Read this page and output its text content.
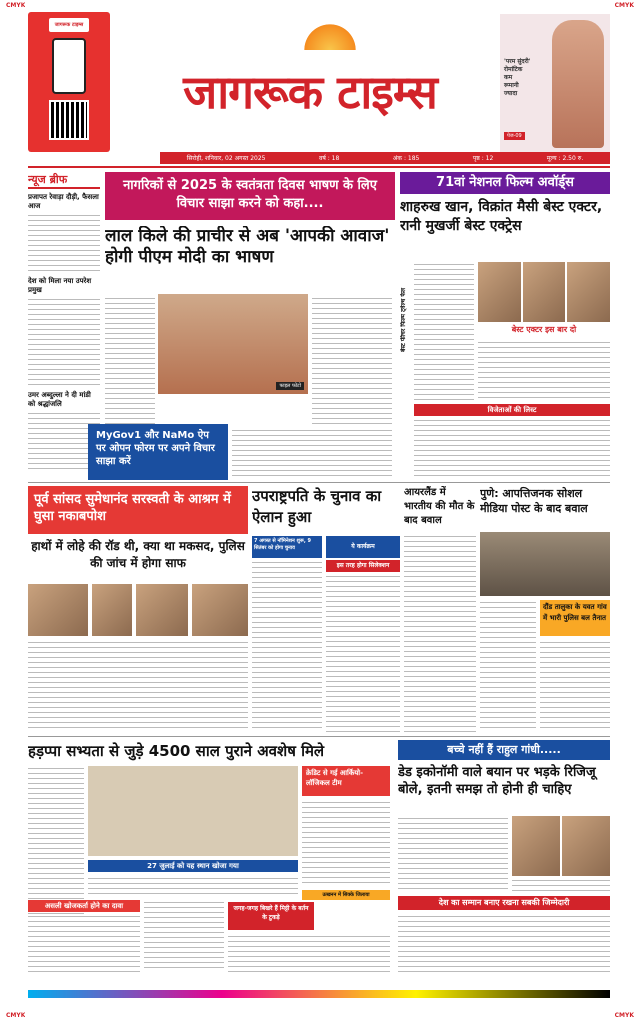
CMYK	CMYK
जागरूक टाइम्स
जागरूक टाइम्स
'परम सुंदरी'
रोमांटिक
कम
रूमानी
ज्यादा
पेज-09
सिरोही, शनिवार, 02 अगस्त 2025	वर्ष : 18	अंक : 185	पृष्ठ : 12	मूल्य : 2.50 रु.
न्यूज ब्रीफ
प्रजापत रेवाड़ा दौड़ी, फैसला आज
देश को मिला नया उपरेश प्रमुख
उमर अब्दुल्ला ने दी मांडी को श्रद्धांजलि
नागरिकों से 2025 के स्वतंत्रता दिवस भाषण के लिए विचार साझा करने को कहा....
लाल किले की प्राचीर से अब 'आपकी आवाज' होगी पीएम मोदी का भाषण
फाइल फोटो
MyGov1 और NaMo ऐप पर ओपन फोरम पर अपने विचार साझा करें
71वां नेशनल फिल्म अवॉर्ड्स
शाहरुख खान, विक्रांत मैसी बेस्ट एक्टर, रानी मुखर्जी बेस्ट एक्ट्रेस
बेस्ट फीचर फिल्म ट्वेल्थ फेल	बेस्ट एक्टर इस बार दो
विजेताओं की लिस्ट
पूर्व सांसद सुमेधानंद सरस्वती के आश्रम में घुसा नकाबपोश
हाथों में लोहे की रॉड थी, क्या था मकसद, पुलिस की जांच में होगा साफ
उपराष्ट्रपति के चुनाव का ऐलान हुआ
7 अगस्त से नॉमिनेशन शुरू, 9 सितंबर को होगा चुनाव	ये कार्यक्रम
इस तरह होगा सिलेक्शन
आयरलैंड में भारतीय की मौत के बाद बवाल
पुणे: आपत्तिजनक सोशल मीडिया पोस्ट के बाद बवाल
दौंड तालुका के यवत गांव में भारी पुलिस बल तैनात
हड़प्पा सभ्यता से जुड़े 4500 साल पुराने अवशेष मिले
क्रेडिट से गई आर्कियो-लॉजिकल टीम
27 जुलाई को यह स्थान खोजा गया
उत्खनन में सिक्के जिलाया
असली खोजकर्ता होने का दावा	जगह-जगह बिखरे हैं मिट्टी के बर्तन के टुकड़े
बच्चे नहीं हैं राहुल गांधी.....
डेड इकोनॉमी वाले बयान पर भड़के रिजिजू बोले, इतनी समझ तो होनी ही चाहिए
देश का सम्मान बनाए रखना सबकी जिम्मेदारी
CMYK	CMYK
